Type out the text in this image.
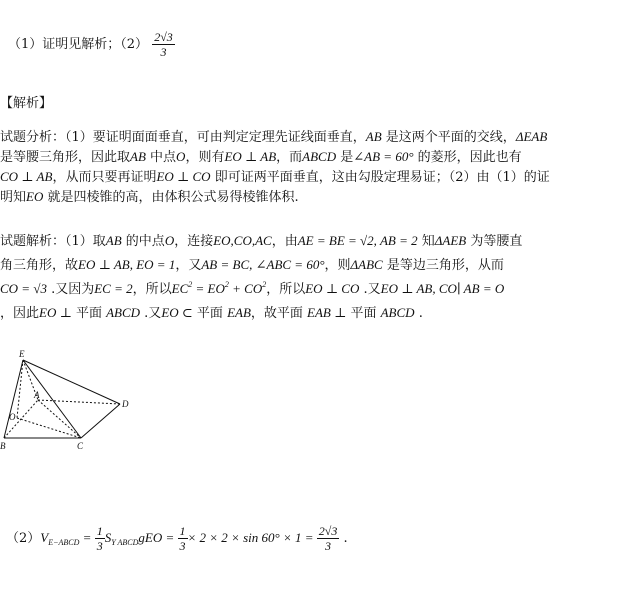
（1）证明见解析；$(2) \frac{2√3}{3}$
【解析】
试题分析：（1）要证明面面垂直，可由判定定理先证线面垂直，AB 是这两个平面的交线，ΔEAB
是等腰三角形，因此取AB 中点O，则有EO ⊥ AB，而ABCD 是∠AB = 60° 的菱形，因此也有
CO ⊥ AB，从而只要再证明EO ⊥ CO 即可证两平面垂直，这由勾股定理易证；（2）由（1）的证
明知EO 就是四棱锥的高，由体积公式易得棱锥体积.
试题解析：（1）取AB 的中点O，连接EO,CO,AC，由AE = BE = √2, AB = 2 知ΔAEB 为等腰直
角三角形，故EO ⊥ AB, EO = 1，又AB = BC, ∠ABC = 60°，则ΔABC 是等边三角形，从而
CO = √3 .又因为EC = 2，所以$EC^2 = EO^2 + CO^2$，所以EO ⊥ CO .又EO ⊥ AB, CO∣ AB = O
，因此EO ⊥ 平面 ABCD .又EO ⊂ 平面 EAB，故平面 EAB ⊥ 平面 ABCD .
E
A
O
B	C
D
$(2)V_{E-ABCD} = \frac{1}{3} S_{Y ABCD}gEO = \frac{1}{3} \times 2 \times 2 \times \sin 60^\circ \times 1 = \frac{2√3}{3}$ .
